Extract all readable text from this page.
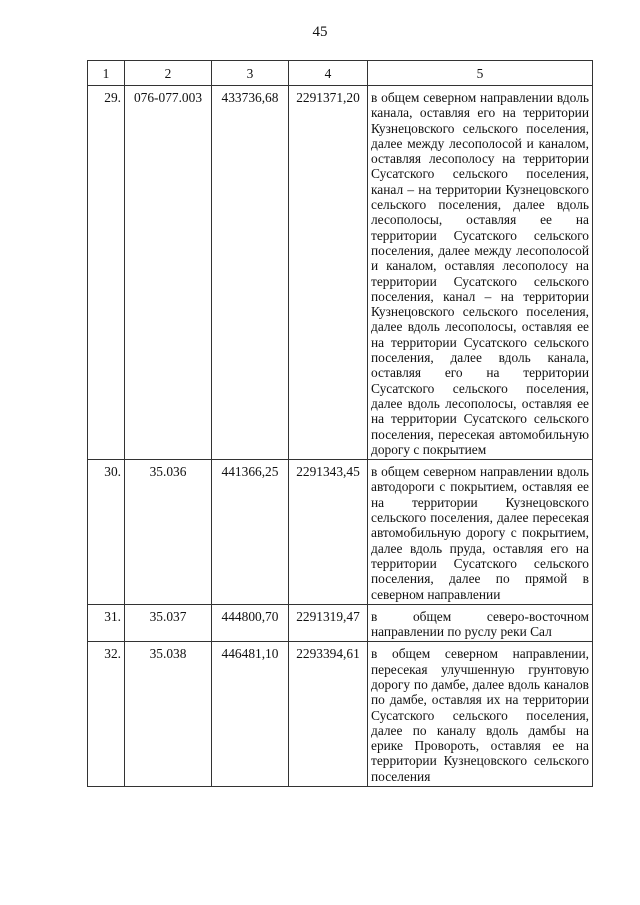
45
1	2	3	4	5
29.	076-077.003	433736,68	2291371,20	в общем северном направлении вдоль канала, оставляя его на территории Кузнецовского сельского поселения, далее между лесополосой и каналом, оставляя лесополосу на территории Сусатского сельского поселения, канал – на территории Кузнецовского сельского поселения, далее вдоль лесополосы, оставляя ее на территории Сусатского сельского поселения, далее между лесополосой и каналом, оставляя лесополосу на территории Сусатского сельского поселения, канал – на территории Кузнецовского сельского поселения, далее вдоль лесополосы, оставляя ее на территории Сусатского сельского поселения, далее вдоль канала, оставляя его на территории Сусатского сельского поселения, далее вдоль лесополосы, оставляя ее на территории Сусатского сельского поселения, пересекая автомобильную дорогу с покрытием
30.	35.036	441366,25	2291343,45	в общем северном направлении вдоль автодороги с покрытием, оставляя ее на территории Кузнецовского сельского поселения, далее пересекая автомобильную дорогу с покрытием, далее вдоль пруда, оставляя его на территории Сусатского сельского поселения, далее по прямой в северном направлении
31.	35.037	444800,70	2291319,47	в общем северо-восточном направлении по руслу реки Сал
32.	35.038	446481,10	2293394,61	в общем северном направлении, пересекая улучшенную грунтовую дорогу по дамбе, далее вдоль каналов по дамбе, оставляя их на территории Сусатского сельского поселения, далее по каналу вдоль дамбы на ерике Провороть, оставляя ее на территории Кузнецовского сельского поселения
